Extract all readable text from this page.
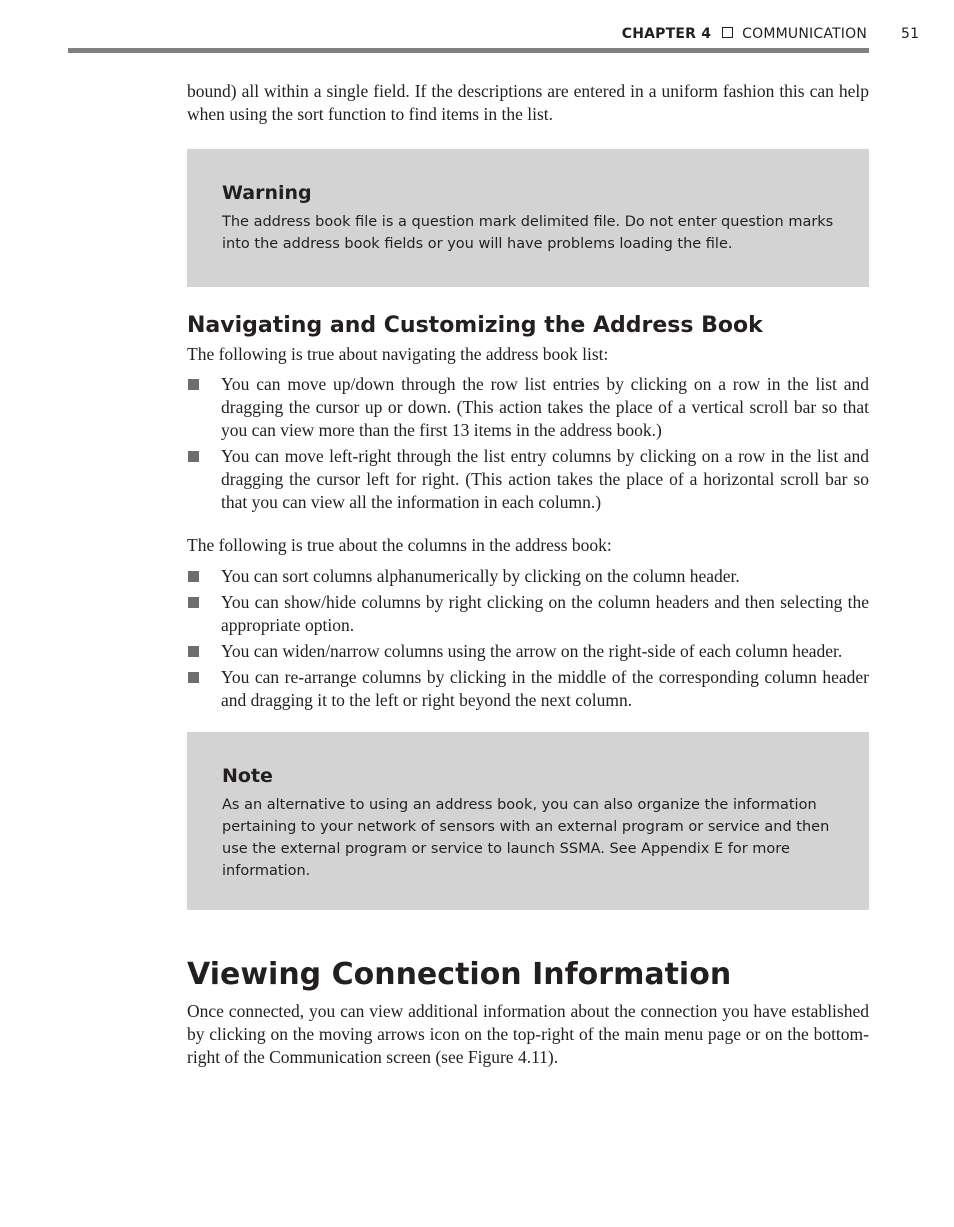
CHAPTER 4 COMMUNICATION 51

bound) all within a single field. If the descriptions are entered in a uniform fashion this can help when using the sort function to find items in the list.

Warning

The address book file is a question mark delimited file. Do not enter question marks into the address book fields or you will have problems loading the file.

Navigating and Customizing the Address Book

The following is true about navigating the address book list:

You can move up/down through the row list entries by clicking on a row in the list and dragging the cursor up or down. (This action takes the place of a vertical scroll bar so that you can view more than the first 13 items in the address book.)
You can move left-right through the list entry columns by clicking on a row in the list and dragging the cursor left for right. (This action takes the place of a horizontal scroll bar so that you can view all the information in each column.)

The following is true about the columns in the address book:

You can sort columns alphanumerically by clicking on the column header.
You can show/hide columns by right clicking on the column headers and then selecting the appropriate option.
You can widen/narrow columns using the arrow on the right-side of each column header.
You can re-arrange columns by clicking in the middle of the corresponding column header and dragging it to the left or right beyond the next column.
Note

As an alternative to using an address book, you can also organize the information pertaining to your network of sensors with an external program or service and then use the external program or service to launch SSMA. See Appendix E for more information.

Viewing Connection Information

Once connected, you can view additional information about the connection you have established by clicking on the moving arrows icon on the top-right of the main menu page or on the bottom-right of the Communication screen (see Figure 4.11).
